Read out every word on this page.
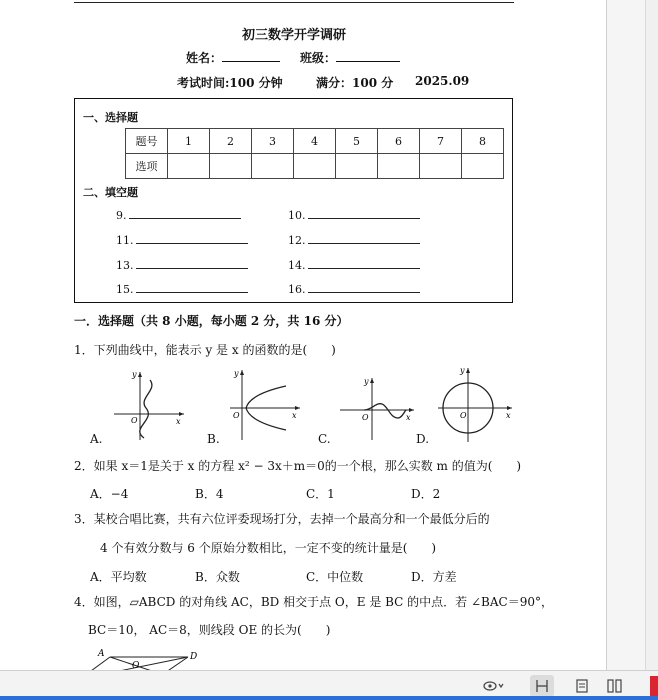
初三数学开学调研
姓名：	班级：
考试时间:100 分钟	满分：100 分 2025.09
一、选择题
题号	1	2	3	4	5	6	7	8
选项								
二、填空题
9.	10.
11.	12.
13.	14.
15.	16.
一．选择题（共 8 小题，每小题 2 分，共 16 分）
1．下列曲线中，能表示 y 是 x 的函数的是(　　)
x
y
O
x
y
O	x
y
O	x
y
O
A.	B.	C.	D.
2．如果 x＝1是关于 x 的方程 x² − 3x＋m＝0的一个根，那么实数 m 的值为(　　)
A．−4	B．4	C．1	D．2
3．某校合唱比赛，共有六位评委现场打分，去掉一个最高分和一个最低分后的
4 个有效分数与 6 个原始分数相比，一定不变的统计量是(　　)
A．平均数	B．众数	C．中位数	D．方差
4．如图，▱ABCD 的对角线 AC，BD 相交于点 O，E 是 BC 的中点．若 ∠BAC＝90°，
BC＝10， AC＝8，则线段 OE 的长为(　　)
A
O
D
